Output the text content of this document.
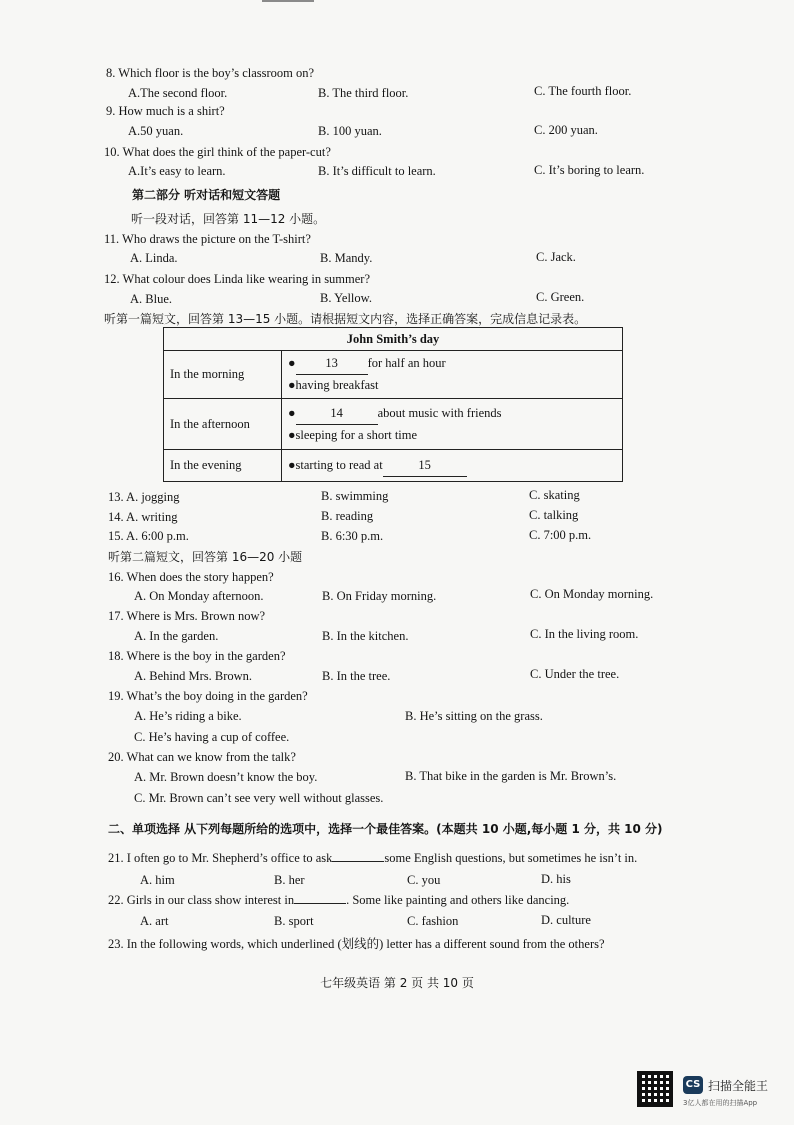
8. Which floor is the boy’s classroom on?
A.The second floor.	B. The third floor.	C. The fourth floor.
9. How much is a shirt?
A.50 yuan.	B. 100 yuan.	C. 200 yuan.
10. What does the girl think of the paper-cut?
A.It’s easy to learn.	B. It’s difficult to learn.	C. It’s boring to learn.
第二部分 听对话和短文答题
听一段对话，回答第 11—12 小题。
11. Who draws the picture on the T-shirt?
A. Linda.	B. Mandy.	C. Jack.
12. What colour does Linda like wearing in summer?
A. Blue.	B. Yellow.	C. Green.
听第一篇短文，回答第 13—15 小题。请根据短文内容，选择正确答案，完成信息记录表。
John Smith’s day	
In the morning	● 13 for half an hour
●having breakfast
In the afternoon	● 14 about music with friends
●sleeping for a short time
In the evening	●starting to read at 15
13. A. jogging	B. swimming	C. skating
14. A. writing	B. reading	C. talking
15. A. 6:00 p.m.	B. 6:30 p.m.	C. 7:00 p.m.
听第二篇短文，回答第 16—20 小题
16. When does the story happen?
A. On Monday afternoon.	B. On Friday morning.	C. On Monday morning.
17. Where is Mrs. Brown now?
A. In the garden.	B. In the kitchen.	C. In the living room.
18. Where is the boy in the garden?
A. Behind Mrs. Brown.	B. In the tree.	C. Under the tree.
19. What’s the boy doing in the garden?
A. He’s riding a bike.	B. He’s sitting on the grass.
C. He’s having a cup of coffee.
20. What can we know from the talk?
A. Mr. Brown doesn’t know the boy.	B. That bike in the garden is Mr. Brown’s.
C. Mr. Brown can’t see very well without glasses.
二、单项选择 从下列每题所给的选项中，选择一个最佳答案。(本题共 10 小题,每小题 1 分，共 10 分)
21. I often go to Mr. Shepherd’s office to ask	some English questions, but sometimes he isn’t in.
A. him	B. her	C. you	D. his
22. Girls in our class show interest in	. Some like painting and others like dancing.
A. art	B. sport	C. fashion	D. culture
23. In the following words, which underlined (划线的) letter has a different sound from the others?
七年级英语 第 2 页 共 10 页
CS 扫描全能王
3亿人都在用的扫描App
